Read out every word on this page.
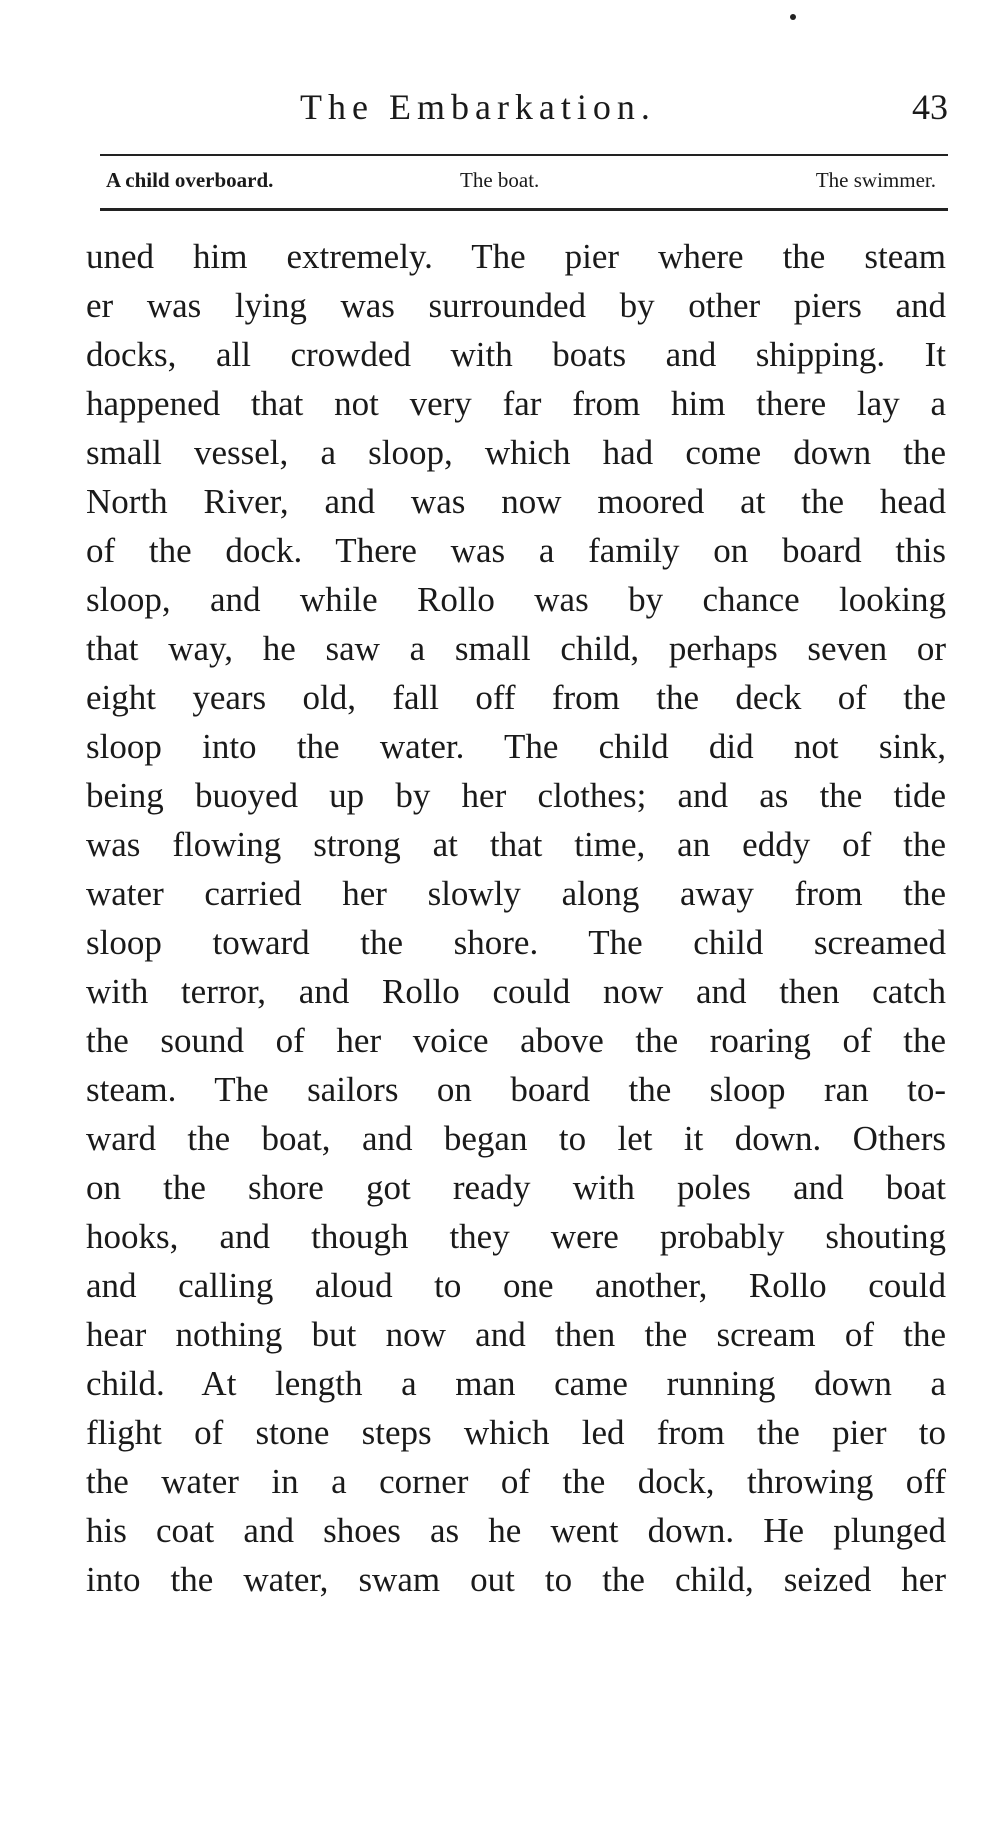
The Embarkation.	43
A child overboard.	The boat.	The swimmer.
uned him extremely. The pier where the steam
er was lying was surrounded by other piers and
docks, all crowded with boats and shipping. It
happened that not very far from him there lay a
small vessel, a sloop, which had come down the
North River, and was now moored at the head
of the dock. There was a family on board this
sloop, and while Rollo was by chance looking
that way, he saw a small child, perhaps seven or
eight years old, fall off from the deck of the
sloop into the water. The child did not sink,
being buoyed up by her clothes; and as the tide
was flowing strong at that time, an eddy of the
water carried her slowly along away from the
sloop toward the shore. The child screamed
with terror, and Rollo could now and then catch
the sound of her voice above the roaring of the
steam. The sailors on board the sloop ran to-
ward the boat, and began to let it down. Others
on the shore got ready with poles and boat
hooks, and though they were probably shouting
and calling aloud to one another, Rollo could
hear nothing but now and then the scream of the
child. At length a man came running down a
flight of stone steps which led from the pier to
the water in a corner of the dock, throwing off
his coat and shoes as he went down. He plunged
into the water, swam out to the child, seized her
